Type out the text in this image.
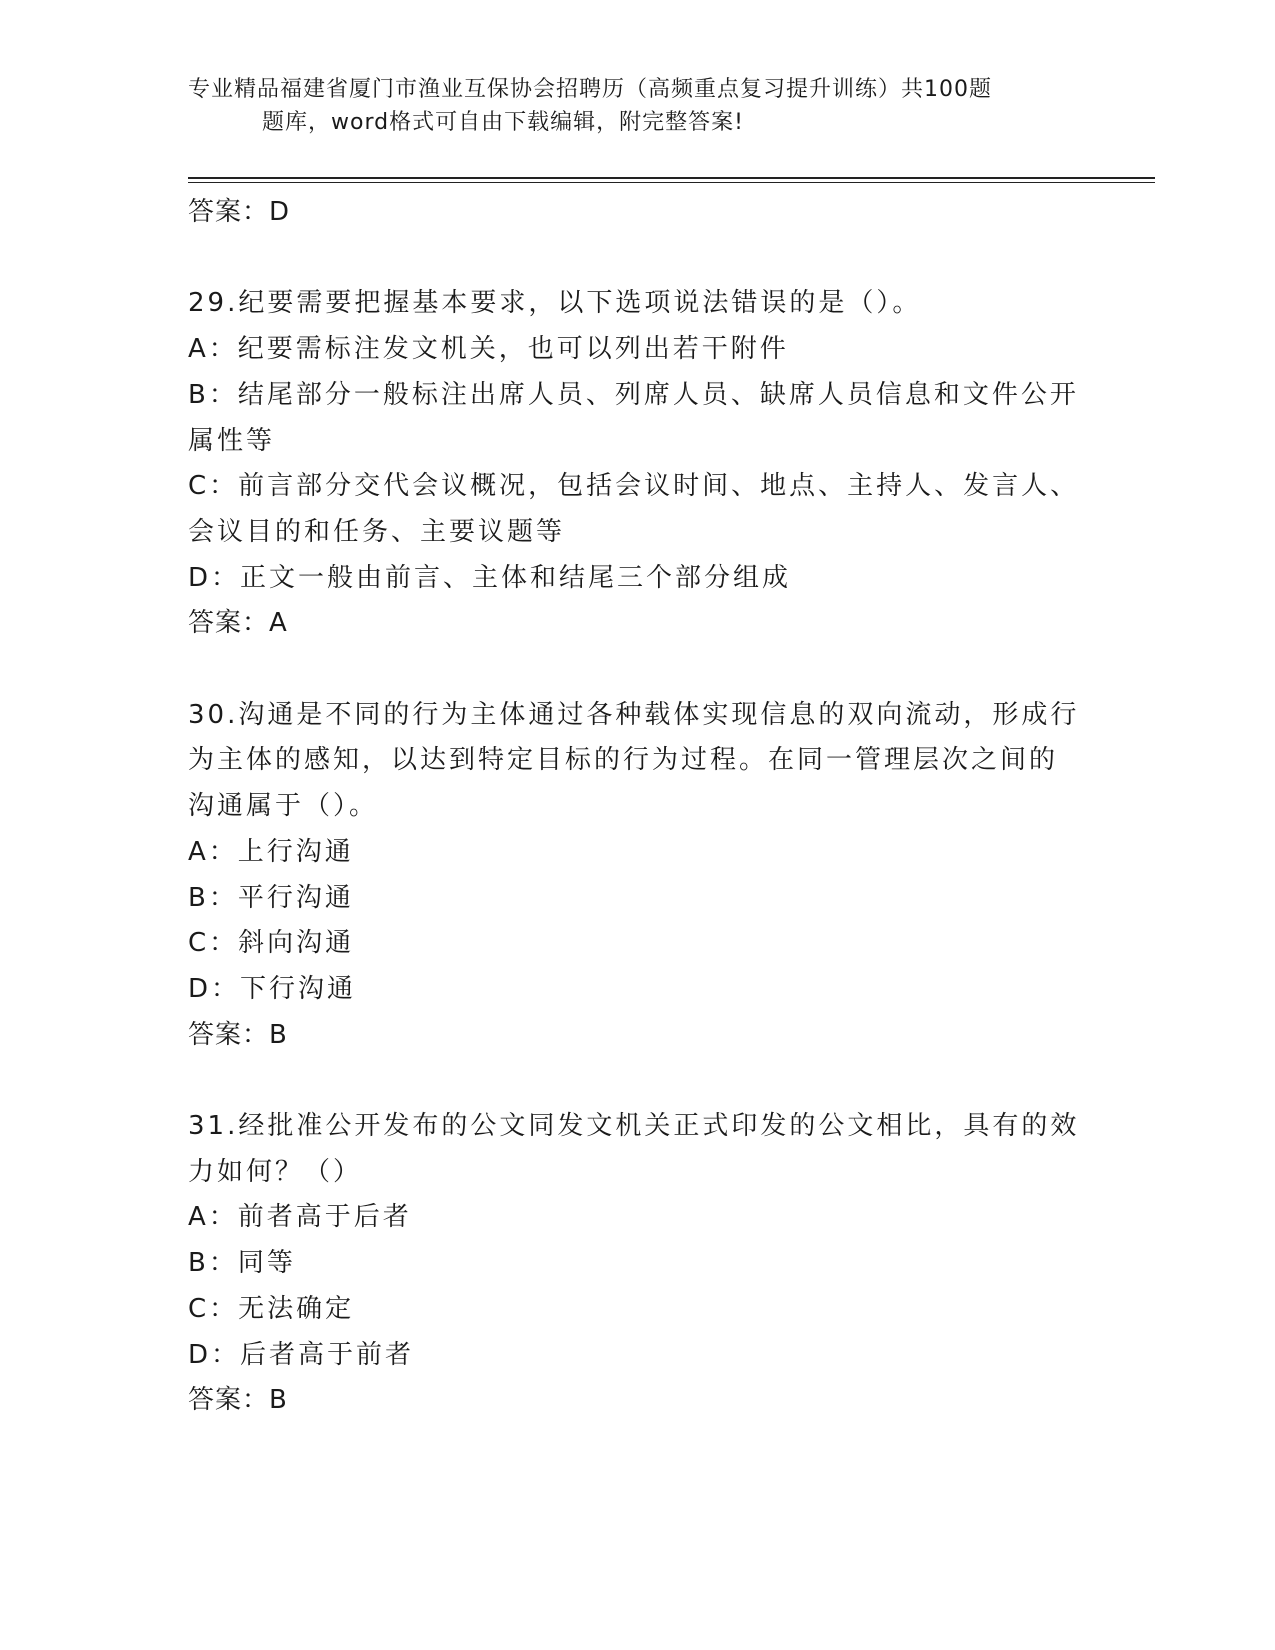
专业精品福建省厦门市渔业互保协会招聘历（高频重点复习提升训练）共100题
题库，word格式可自由下载编辑，附完整答案!
答案：D
29.纪要需要把握基本要求，以下选项说法错误的是（）。
A：纪要需标注发文机关，也可以列出若干附件
B：结尾部分一般标注出席人员、列席人员、缺席人员信息和文件公开
属性等
C：前言部分交代会议概况，包括会议时间、地点、主持人、发言人、
会议目的和任务、主要议题等
D：正文一般由前言、主体和结尾三个部分组成
答案：A
30.沟通是不同的行为主体通过各种载体实现信息的双向流动，形成行
为主体的感知，以达到特定目标的行为过程。在同一管理层次之间的
沟通属于（）。
A：上行沟通
B：平行沟通
C：斜向沟通
D：下行沟通
答案：B
31.经批准公开发布的公文同发文机关正式印发的公文相比，具有的效
力如何？（）
A：前者高于后者
B：同等
C：无法确定
D：后者高于前者
答案：B
